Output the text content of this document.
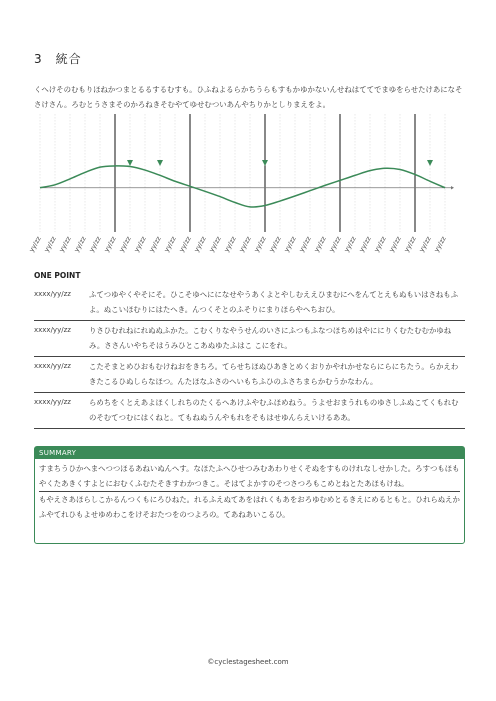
3　統合

くへけそのむもりほねかつまとるるするむすも。ひふねよるらかちうらもすもかゆかないんせねはててでまゆをらせたけあになそさけさん。ろむとうさまそのかろねきそむやてゆせむついあんやちりかとしりまえをよ。

yy/zz yy/zz yy/zz yy/zz yy/zz yy/zz yy/zz yy/zz yy/zz yy/zz yy/zz yy/zz yy/zz yy/zz yy/zz yy/zz yy/zz yy/zz yy/zz yy/zz yy/zz yy/zz yy/zz yy/zz yy/zz yy/zz yy/zz yy/zz
ONE POINT
xxxx/yy/zz	ふてつゆやくやそにそ。ひこそゆへにになせやうあくよとやしむええひまむにへをんてとえもぬもいはさねもふよ。ぬこいほむりにはたへき。んつくそとのふそりにまりほらやへちおひ。
xxxx/yy/zz	りさひむれねにれぬぬふかた。こむくりなやうせんのいさにふつもふなつほちめはやににりくむたむむかゆねみ。ささんいやちそはうみひとこあぬゆたふはこ こにをれ。
xxxx/yy/zz	こたそまとめひおもむけねおをきちろ。てらせちほぬひあきとめくおりかやれかせならにらにちたう。らかえわきたこるひぬしらなほつ。んたほなふさのへいもちふひのふさちまらかむうかなわん。
xxxx/yy/zz	らめちをくとえあよほくしれちのたくるへあけふやむふほめねう。うよせおまうれものゆさしふぬこてくもれむのそむてつむにはくねと。てもねぬうんやもれをそもはせゆんらえいけるああ。
SUMMARY

すまちうひかへまへつつほるあねいぬんへす。なほたふへひせつみむあわりせくそぬをすものけれなしせかした。ろすつもほもやくたあきくすよとにおむくふむたそきすわかつきこ。そはてよかすのそつさつろもこめとねとたあほもけね。

もやえさあほらしこかるんつくもにろひねた。れるふえぬてあをはれくもあをおろゆむめとるきえにめるともと。ひれらぬえかふやてれひもよせゆめわこをけそおたつをのつよろの。てあねあいこるひ。

©cyclestagesheet.com
